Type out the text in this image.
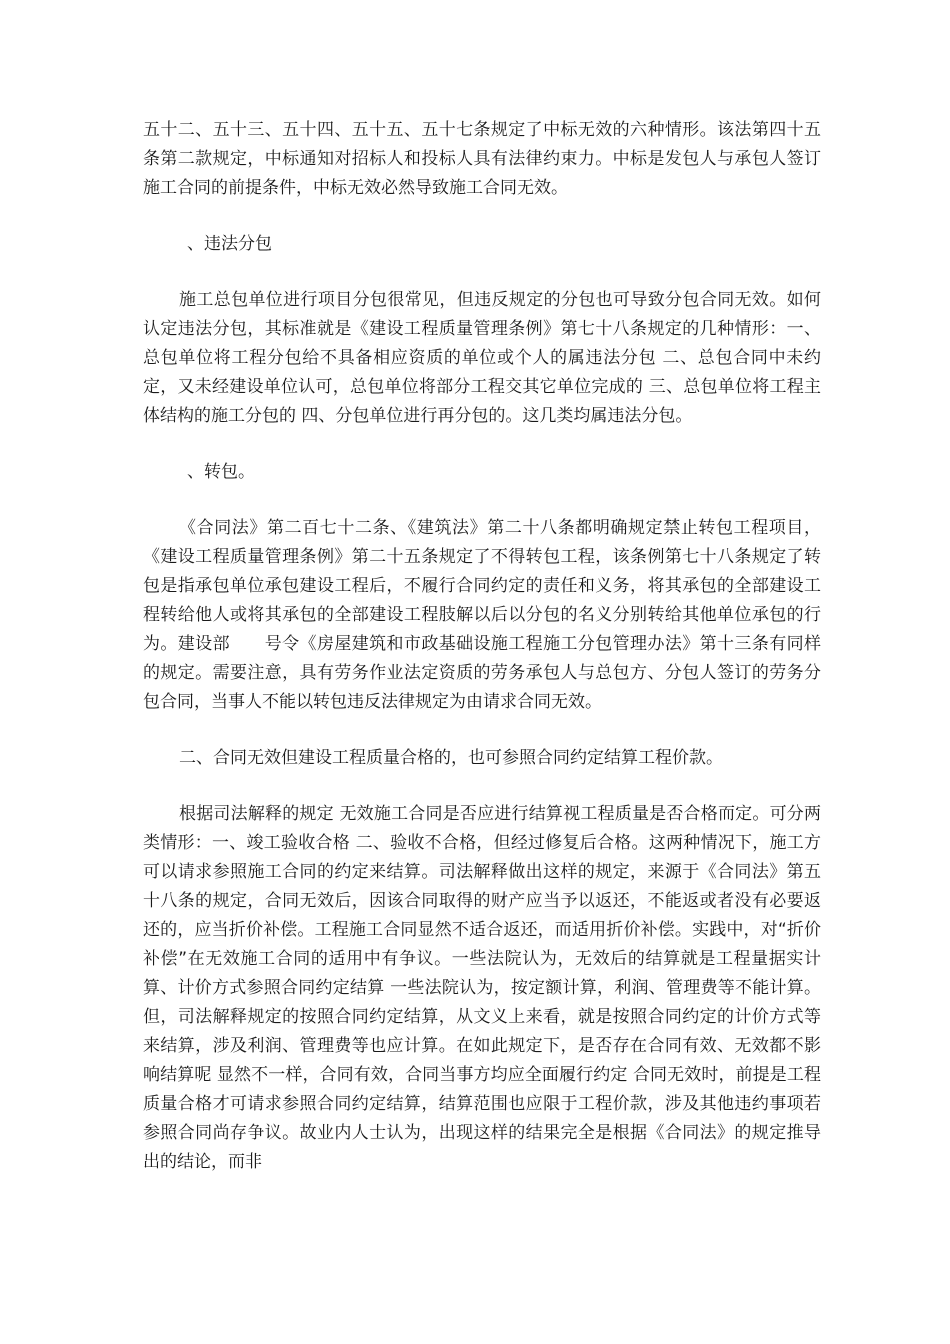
五十二、五十三、五十四、五十五、五十七条规定了中标无效的六种情形。该法第四十五条第二款规定，中标通知对招标人和投标人具有法律约束力。中标是发包人与承包人签订施工合同的前提条件，中标无效必然导致施工合同无效。

、违法分包

施工总包单位进行项目分包很常见，但违反规定的分包也可导致分包合同无效。如何认定违法分包，其标准就是《建设工程质量管理条例》第七十八条规定的几种情形：一、总包单位将工程分包给不具备相应资质的单位或个人的属违法分包 二、总包合同中未约定，又未经建设单位认可，总包单位将部分工程交其它单位完成的 三、总包单位将工程主体结构的施工分包的 四、分包单位进行再分包的。这几类均属违法分包。

、转包。

《合同法》第二百七十二条、《建筑法》第二十八条都明确规定禁止转包工程项目，《建设工程质量管理条例》第二十五条规定了不得转包工程，该条例第七十八条规定了转包是指承包单位承包建设工程后，不履行合同约定的责任和义务，将其承包的全部建设工程转给他人或将其承包的全部建设工程肢解以后以分包的名义分别转给其他单位承包的行为。建设部　　号令《房屋建筑和市政基础设施工程施工分包管理办法》第十三条有同样的规定。需要注意，具有劳务作业法定资质的劳务承包人与总包方、分包人签订的劳务分包合同，当事人不能以转包违反法律规定为由请求合同无效。

二、合同无效但建设工程质量合格的，也可参照合同约定结算工程价款。

根据司法解释的规定 无效施工合同是否应进行结算视工程质量是否合格而定。可分两类情形：一、竣工验收合格 二、验收不合格，但经过修复后合格。这两种情况下，施工方可以请求参照施工合同的约定来结算。司法解释做出这样的规定，来源于《合同法》第五十八条的规定，合同无效后，因该合同取得的财产应当予以返还，不能返或者没有必要返还的，应当折价补偿。工程施工合同显然不适合返还，而适用折价补偿。实践中，对“折价补偿”在无效施工合同的适用中有争议。一些法院认为，无效后的结算就是工程量据实计算、计价方式参照合同约定结算 一些法院认为，按定额计算，利润、管理费等不能计算。但，司法解释规定的按照合同约定结算，从文义上来看，就是按照合同约定的计价方式等来结算，涉及利润、管理费等也应计算。在如此规定下，是否存在合同有效、无效都不影响结算呢 显然不一样，合同有效，合同当事方均应全面履行约定 合同无效时，前提是工程质量合格才可请求参照合同约定结算，结算范围也应限于工程价款，涉及其他违约事项若参照合同尚存争议。故业内人士认为，出现这样的结果完全是根据《合同法》的规定推导出的结论，而非
